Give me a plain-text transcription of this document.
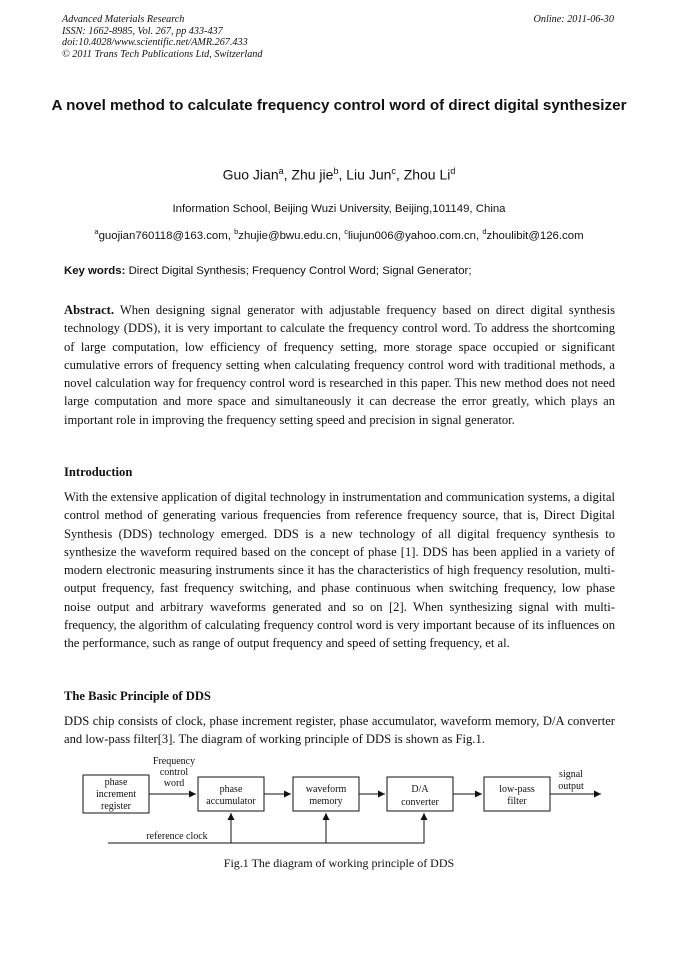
Advanced Materials Research
ISSN: 1662-8985, Vol. 267, pp 433-437
doi:10.4028/www.scientific.net/AMR.267.433
© 2011 Trans Tech Publications Ltd, Switzerland
Online: 2011-06-30
A novel method to calculate frequency control word of direct digital synthesizer
Guo Jian$^a$, Zhu jie$^b$, Liu Jun$^c$, Zhou Li$^d$
Information School, Beijing Wuzi University, Beijing,101149, China
$^a$guojian760118@163.com, $^b$zhujie@bwu.edu.cn, $^c$liujun006@yahoo.com.cn, $^d$zhoulibit@126.com
Key words: Direct Digital Synthesis; Frequency Control Word; Signal Generator;

Abstract. When designing signal generator with adjustable frequency based on direct digital synthesis technology (DDS), it is very important to calculate the frequency control word. To address the shortcoming of large computation, low efficiency of frequency setting, more storage space occupied or significant cumulative errors of frequency setting when calculating frequency control word with traditional methods, a novel calculation way for frequency control word is researched in this paper. This new method does not need large computation and more space and simultaneously it can decrease the error greatly, which plays an important role in improving the frequency setting speed and precision in signal generator.

Introduction

With the extensive application of digital technology in instrumentation and communication systems, a digital control method of generating various frequencies from reference frequency source, that is, Direct Digital Synthesis (DDS) technology emerged. DDS is a new technology of all digital frequency synthesis to synthesize the waveform required based on the concept of phase [1]. DDS has been applied in a variety of modern electronic measuring instruments since it has the characteristics of high frequency resolution, multi-output frequency, fast frequency switching, and phase continuous when switching frequency, low phase noise output and arbitrary waveforms generated and so on [2]. When synthesizing signal with multi-frequency, the algorithm of calculating frequency control word is very important because of its influences on the performance, such as range of output frequency and speed of setting frequency, et al.

The Basic Principle of DDS

DDS chip consists of clock, phase increment register, phase accumulator, waveform memory, D/A converter and low-pass filter[3]. The diagram of working principle of DDS is shown as Fig.1.

Frequency
control
word
phase
increment
register
phase
accumulator
waveform
memory
D/A
converter
low-pass
filter
signal
output
reference clock
Fig.1 The diagram of working principle of DDS
